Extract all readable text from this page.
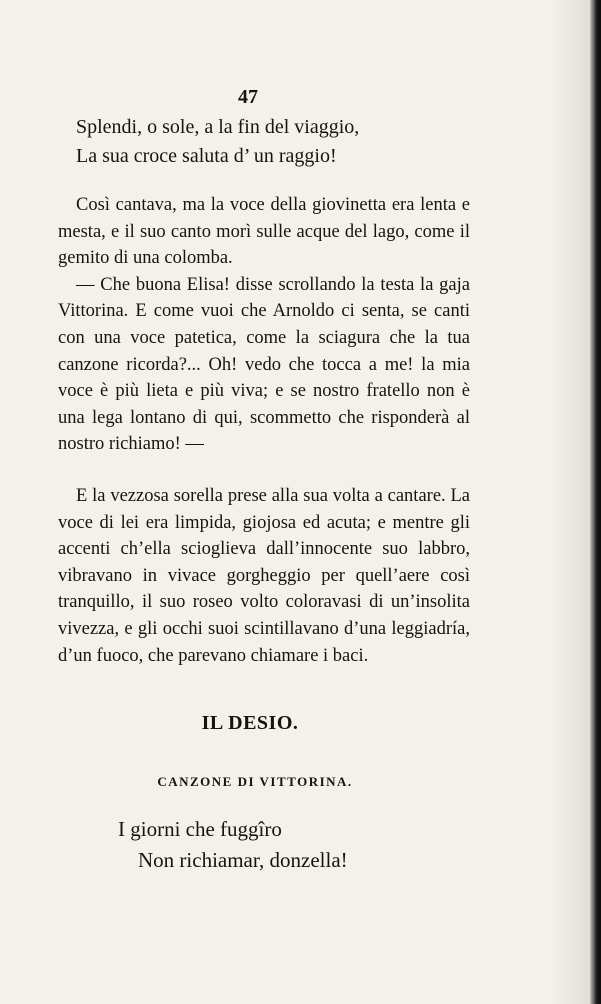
47
Splendi, o sole, a la fin del viaggio,
La sua croce saluta d’ un raggio!

Così cantava, ma la voce della giovinetta era lenta e mesta, e il suo canto morì sulle acque del lago, come il gemito di una colomba.

— Che buona Elisa! disse scrollando la testa la gaja Vittorina. E come vuoi che Arnoldo ci senta, se canti con una voce patetica, come la sciagura che la tua canzone ricorda?... Oh! vedo che tocca a me! la mia voce è più lieta e più viva; e se nostro fratello non è una lega lontano di qui, scommetto che risponderà al nostro richiamo! —

E la vezzosa sorella prese alla sua volta a cantare. La voce di lei era limpida, giojosa ed acuta; e mentre gli accenti ch’ella scioglieva dall’innocente suo labbro, vibravano in vivace gorgheggio per quell’aere così tranquillo, il suo roseo volto coloravasi di un’insolita vivezza, e gli occhi suoi scintillavano d’una leggiadría, d’un fuoco, che parevano chiamare i baci.

IL DESIO.
CANZONE DI VITTORINA.
I giorni che fuggîro
Non richiamar, donzella!
